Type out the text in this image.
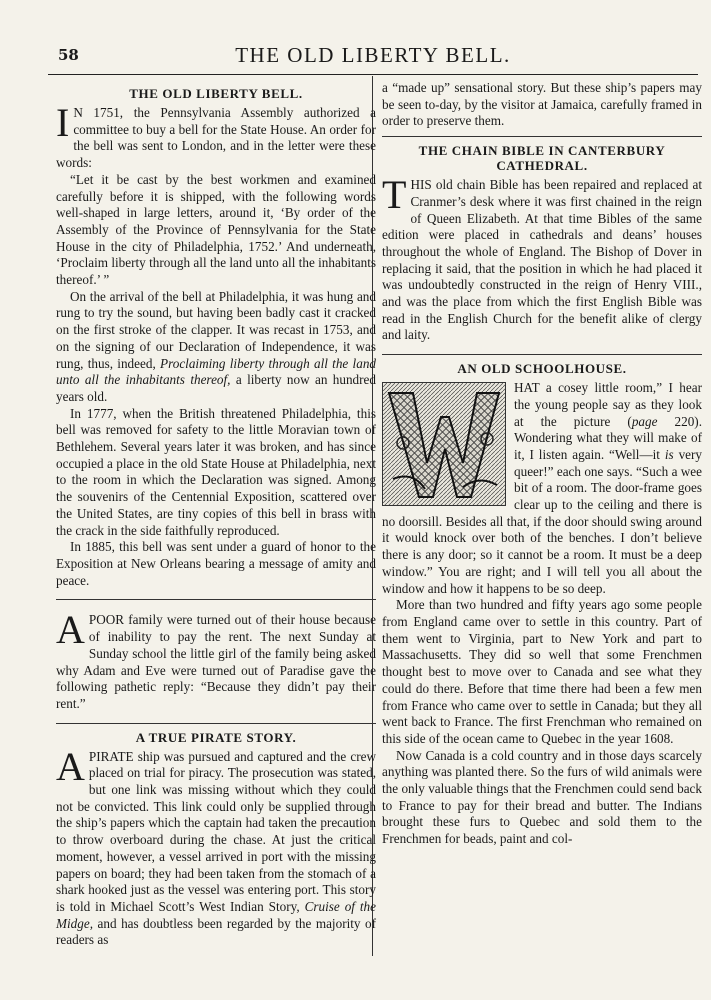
58	THE OLD LIBERTY BELL.
THE OLD LIBERTY BELL.

I N 1751, the Pennsylvania Assembly authorized a committee to buy a bell for the State House. An order for the bell was sent to London, and in the letter were these words:

“Let it be cast by the best workmen and examined carefully before it is shipped, with the following words well-shaped in large letters, around it, ‘By order of the Assembly of the Province of Pennsylvania for the State House in the city of Philadelphia, 1752.’ And underneath, ‘Proclaim liberty through all the land unto all the inhabitants thereof.’ ”

On the arrival of the bell at Philadelphia, it was hung and rung to try the sound, but having been badly cast it cracked on the first stroke of the clapper. It was recast in 1753, and on the signing of our Declaration of Independence, it was rung, thus, indeed, Proclaiming liberty through all the land unto all the inhabitants thereof, a liberty now an hundred years old.

In 1777, when the British threatened Philadelphia, this bell was removed for safety to the little Moravian town of Bethlehem. Several years later it was broken, and has since occupied a place in the old State House at Philadelphia, next to the room in which the Declaration was signed. Among the souvenirs of the Centennial Exposition, scattered over the United States, are tiny copies of this bell in brass with the crack in the side faithfully reproduced.

In 1885, this bell was sent under a guard of honor to the Exposition at New Orleans bearing a message of amity and peace.

APOOR family were turned out of their house because of inability to pay the rent. The next Sunday at Sunday school the little girl of the family being asked why Adam and Eve were turned out of Paradise gave the following pathetic reply: “Because they didn’t pay their rent.”

A TRUE PIRATE STORY.

APIRATE ship was pursued and captured and the crew placed on trial for piracy. The prosecution was stated, but one link was missing without which they could not be convicted. This link could only be supplied through the ship’s papers which the captain had taken the precaution to throw overboard during the chase. At just the critical moment, however, a vessel arrived in port with the missing papers on board; they had been taken from the stomach of a shark hooked just as the vessel was entering port. This story is told in Michael Scott’s West Indian Story, Cruise of the Midge, and has doubtless been regarded by the majority of readers as

a “made up” sensational story. But these ship’s papers may be seen to-day, by the visitor at Jamaica, carefully framed in order to preserve them.

THE CHAIN BIBLE IN CANTERBURY CATHEDRAL.

THIS old chain Bible has been repaired and replaced at Cranmer’s desk where it was first chained in the reign of Queen Elizabeth. At that time Bibles of the same edition were placed in cathedrals and deans’ houses throughout the whole of England. The Bishop of Dover in replacing it said, that the position in which he had placed it was undoubtedly constructed in the reign of Henry VIII., and was the place from which the first English Bible was read in the English Church for the benefit alike of clergy and laity.

AN OLD SCHOOLHOUSE.

HAT a cosey little room,” I hear the young people say as they look at the picture (page 220). Wondering what they will make of it, I listen again. “Well—it is very queer!” each one says. “Such a wee bit of a room. The door-frame goes clear up to the ceiling and there is no doorsill. Besides all that, if the door should swing around it would knock over both of the benches. I don’t believe there is any door; so it cannot be a room. It must be a deep window.” You are right; and I will tell you all about the window and how it happens to be so deep.

More than two hundred and fifty years ago some people from England came over to settle in this country. Part of them went to Virginia, part to New York and part to Massachusetts. They did so well that some Frenchmen thought best to move over to Canada and see what they could do there. Before that time there had been a few men from France who came over to settle in Canada; but they all went back to France. The first Frenchman who remained on this side of the ocean came to Quebec in the year 1608.

Now Canada is a cold country and in those days scarcely anything was planted there. So the furs of wild animals were the only valuable things that the Frenchmen could send back to France to pay for their bread and butter. The Indians brought these furs to Quebec and sold them to the Frenchmen for beads, paint and col-
